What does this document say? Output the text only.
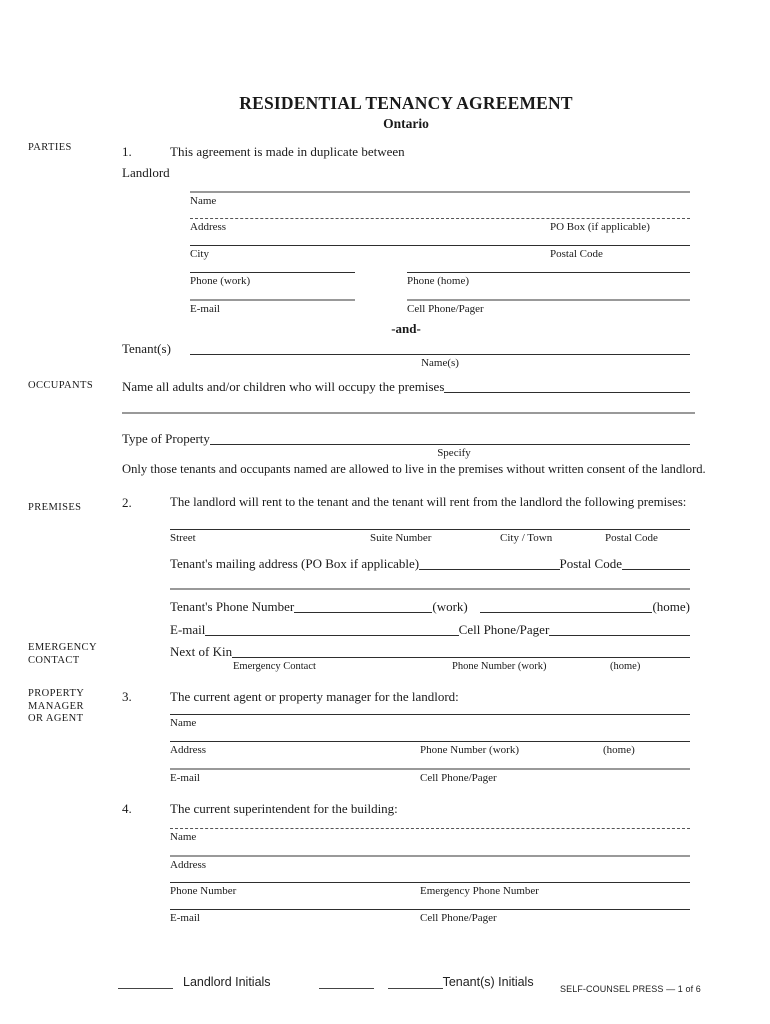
RESIDENTIAL TENANCY AGREEMENT
Ontario
PARTIES	1.	This agreement is made in duplicate between
Landlord
Name
Address	PO Box (if applicable)
City	Postal Code
Phone (work)	Phone (home)
E-mail	Cell Phone/Pager
-and-
Tenant(s)
Name(s)
OCCUPANTS Name all adults and/or children who will occupy the premises
Type of Property
Specify
Only those tenants and occupants named are allowed to live in the premises without written consent of the landlord.
PREMISES	2.	The landlord will rent to the tenant and the tenant will rent from the landlord the following premises:
Street	Suite Number	City / Town	Postal Code
Tenant's mailing address (PO Box if applicable)	Postal Code
Tenant's Phone Number	(work)	(home)
E-mail	Cell Phone/Pager
Next of Kin
Emergency Contact	Phone Number (work)	(home)
EMERGENCY
CONTACT
PROPERTY
MANAGER
OR AGENT
3.	The current agent or property manager for the landlord:
Name
Address	Phone Number (work)	(home)
E-mail	Cell Phone/Pager
4.	The current superintendent for the building:
Name
Address
Phone Number	Emergency Phone Number
E-mail	Cell Phone/Pager
Landlord Initials	Tenant(s) Initials	SELF-COUNSEL PRESS — 1 of 6
